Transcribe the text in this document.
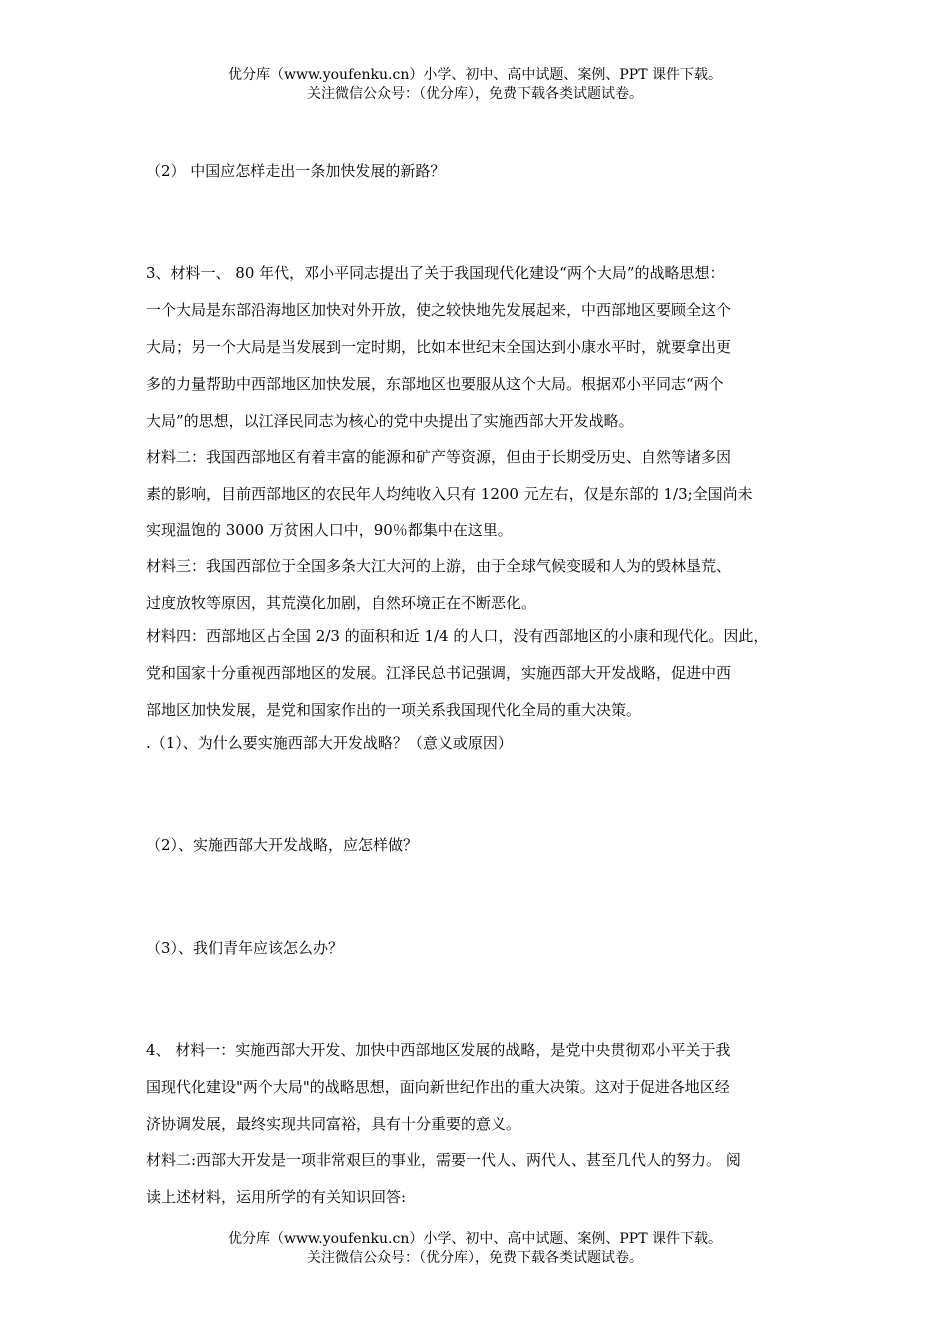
优分库（www.youfenku.cn）小学、初中、高中试题、案例、PPT 课件下载。
关注微信公众号：（优分库），免费下载各类试题试卷。
（2） 中国应怎样走出一条加快发展的新路？
3、材料一、 80 年代，邓小平同志提出了关于我国现代化建设“两个大局”的战略思想：
一个大局是东部沿海地区加快对外开放，使之较快地先发展起来，中西部地区要顾全这个
大局；另一个大局是当发展到一定时期，比如本世纪末全国达到小康水平时，就要拿出更
多的力量帮助中西部地区加快发展，东部地区也要服从这个大局。根据邓小平同志“两个
大局”的思想，以江泽民同志为核心的党中央提出了实施西部大开发战略。
材料二：我国西部地区有着丰富的能源和矿产等资源，但由于长期受历史、自然等诸多因
素的影响，目前西部地区的农民年人均纯收入只有 1200 元左右，仅是东部的 1/3;全国尚未
实现温饱的 3000 万贫困人口中，90％都集中在这里。
材料三：我国西部位于全国多条大江大河的上游，由于全球气候变暖和人为的毁林垦荒、
过度放牧等原因，其荒漠化加剧，自然环境正在不断恶化。
材料四：西部地区占全国 2/3 的面积和近 1/4 的人口，没有西部地区的小康和现代化。因此，
党和国家十分重视西部地区的发展。江泽民总书记强调，实施西部大开发战略，促进中西
部地区加快发展，是党和国家作出的一项关系我国现代化全局的重大决策。
.（1）、为什么要实施西部大开发战略？（意义或原因）
（2）、实施西部大开发战略，应怎样做？
（3）、我们青年应该怎么办？
4、 材料一：实施西部大开发、加快中西部地区发展的战略，是党中央贯彻邓小平关于我
国现代化建设"两个大局"的战略思想，面向新世纪作出的重大决策。这对于促进各地区经
济协调发展，最终实现共同富裕，具有十分重要的意义。
材料二:西部大开发是一项非常艰巨的事业，需要一代人、两代人、甚至几代人的努力。 阅
读上述材料，运用所学的有关知识回答:
优分库（www.youfenku.cn）小学、初中、高中试题、案例、PPT 课件下载。
关注微信公众号：（优分库），免费下载各类试题试卷。
